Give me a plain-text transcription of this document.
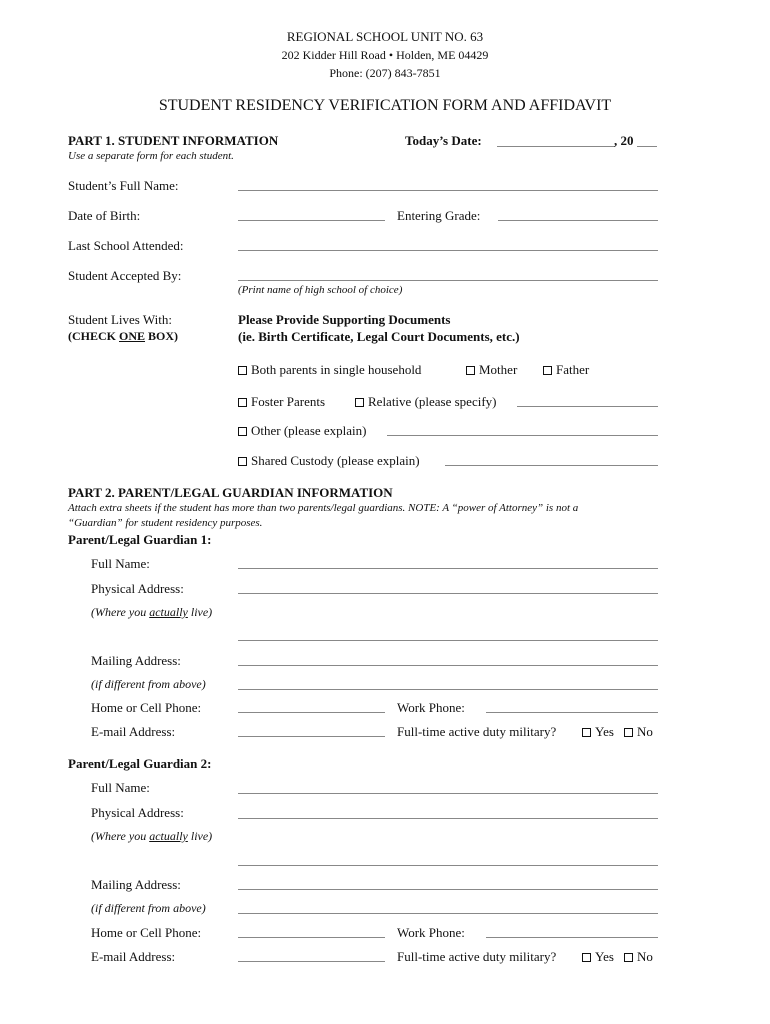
REGIONAL SCHOOL UNIT NO. 63
202 Kidder Hill Road • Holden, ME 04429
Phone: (207) 843-7851
STUDENT RESIDENCY VERIFICATION FORM AND AFFIDAVIT
PART 1. STUDENT INFORMATION	Today’s Date:	, 20
Use a separate form for each student.
Student’s Full Name:
Date of Birth:	Entering Grade:
Last School Attended:
Student Accepted By:
(Print name of high school of choice)
Student Lives With:
(CHECK ONE BOX)
Please Provide Supporting Documents
(ie. Birth Certificate, Legal Court Documents, etc.)
Both parents in single household	Mother	Father
Foster Parents	Relative (please specify)
Other (please explain)
Shared Custody (please explain)
PART 2. PARENT/LEGAL GUARDIAN INFORMATION
Attach extra sheets if the student has more than two parents/legal guardians. NOTE: A “power of Attorney” is not a
“Guardian” for student residency purposes.
Parent/Legal Guardian 1:
Full Name:
Physical Address:
(Where you actually live)
Mailing Address:
(if different from above)
Home or Cell Phone:	Work Phone:
E-mail Address:	Full-time active duty military?	Yes	No
Parent/Legal Guardian 2:
Full Name:
Physical Address:
(Where you actually live)
Mailing Address:
(if different from above)
Home or Cell Phone:	Work Phone:
E-mail Address:	Full-time active duty military?	Yes	No
